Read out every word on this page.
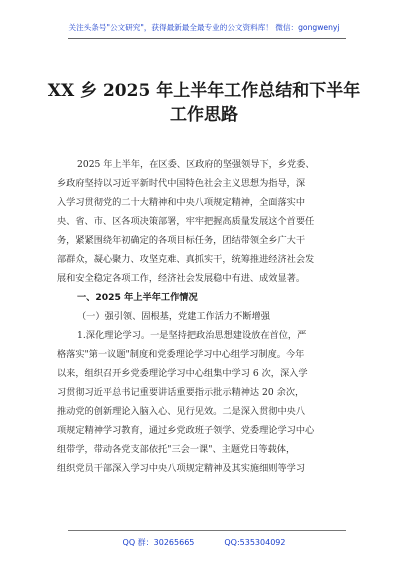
关注头条号"公文研究"，获得最新最全最专业的公文资料库！ 微信：gongwenyj
XX 乡 2025 年上半年工作总结和下半年
工作思路
2025 年上半年，在区委、区政府的坚强领导下，乡党委、
乡政府坚持以习近平新时代中国特色社会主义思想为指导，深
入学习贯彻党的二十大精神和中央八项规定精神，全面落实中
央、省、市、区各项决策部署，牢牢把握高质量发展这个首要任
务，紧紧围绕年初确定的各项目标任务，团结带领全乡广大干
部群众，凝心聚力、攻坚克难、真抓实干，统筹推进经济社会发
展和安全稳定各项工作，经济社会发展稳中有进、成效显著。
一、2025 年上半年工作情况
（一）强引领、固根基，党建工作活力不断增强
1.深化理论学习。一是坚持把政治思想建设放在首位，严
格落实"第一议题"制度和党委理论学习中心组学习制度。今年
以来，组织召开乡党委理论学习中心组集中学习 6 次，深入学
习贯彻习近平总书记重要讲话重要指示批示精神达 20 余次，
推动党的创新理论入脑入心、见行见效。二是深入贯彻中央八
项规定精神学习教育，通过乡党政班子领学、党委理论学习中心
组带学，带动各党支部依托"三会一课"、主题党日等载体，
组织党员干部深入学习中央八项规定精神及其实施细则等学习
QQ 群：30265665	QQ:535304092
